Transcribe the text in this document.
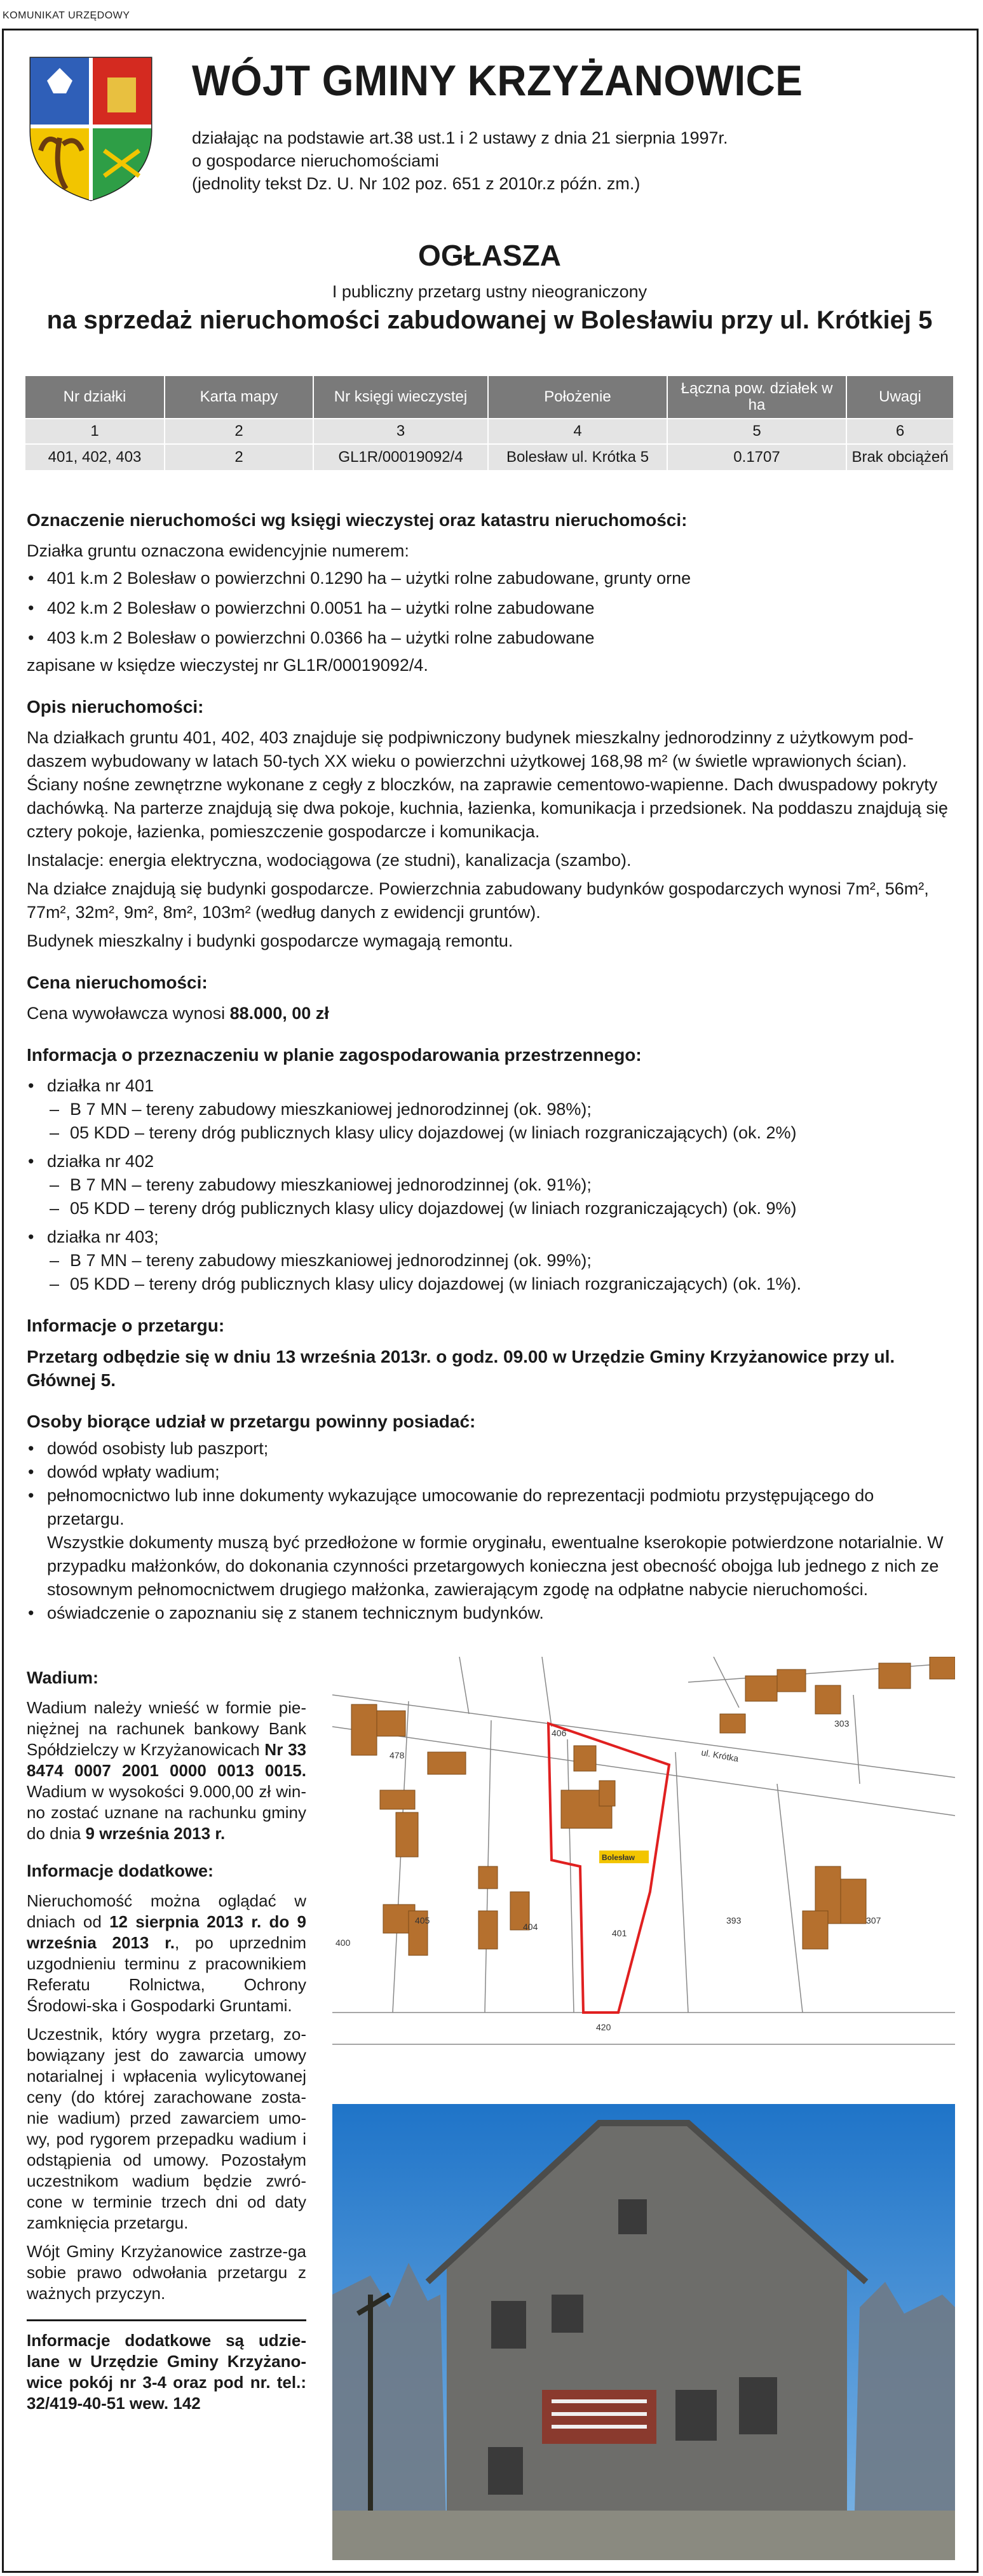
KOMUNIKAT URZĘDOWY
WÓJT GMINY KRZYŻANOWICE
działając na podstawie art.38 ust.1 i 2 ustawy z dnia 21 sierpnia 1997r.
o gospodarce nieruchomościami
(jednolity tekst Dz. U. Nr 102 poz. 651 z 2010r.z późn. zm.)
OGŁASZA
I publiczny przetarg ustny nieograniczony
na sprzedaż nieruchomości zabudowanej w Bolesławiu przy ul. Krótkiej 5
Nr działki	Karta mapy	Nr księgi wieczystej	Położenie	Łączna pow. działek w ha	Uwagi
1	2	3	4	5	6
401, 402, 403	2	GL1R/00019092/4	Bolesław ul. Krótka 5	0.1707	Brak obciążeń

Oznaczenie nieruchomości wg księgi wieczystej oraz katastru nieruchomości:

Działka gruntu oznaczona ewidencyjnie numerem:

• 401 k.m 2 Bolesław o powierzchni 0.1290 ha – użytki rolne zabudowane, grunty orne

• 402 k.m 2 Bolesław o powierzchni 0.0051 ha – użytki rolne zabudowane

• 403 k.m 2 Bolesław o powierzchni 0.0366 ha – użytki rolne zabudowane

zapisane w księdze wieczystej nr GL1R/00019092/4.

Opis nieruchomości:

Na działkach gruntu 401, 402, 403 znajduje się podpiwniczony budynek mieszkalny jednorodzinny z użytkowym pod-

daszem wybudowany w latach 50-tych XX wieku o powierzchni użytkowej 168,98 m² (w świetle wprawionych ścian).

Ściany nośne zewnętrzne wykonane z cegły z bloczków, na zaprawie cementowo-wapienne. Dach dwuspadowy pokryty

dachówką. Na parterze znajdują się dwa pokoje, kuchnia, łazienka, komunikacja i przedsionek. Na poddaszu znajdują się

cztery pokoje, łazienka, pomieszczenie gospodarcze i komunikacja.

Instalacje: energia elektryczna, wodociągowa (ze studni), kanalizacja (szambo).

Na działce znajdują się budynki gospodarcze. Powierzchnia zabudowany budynków gospodarczych wynosi 7m², 56m²,

77m², 32m², 9m², 8m², 103m² (według danych z ewidencji gruntów).

Budynek mieszkalny i budynki gospodarcze wymagają remontu.

Cena nieruchomości:

Cena wywoławcza wynosi 88.000, 00 zł

Informacja o przeznaczeniu w planie zagospodarowania przestrzennego:

• działka nr 401

– B 7 MN – tereny zabudowy mieszkaniowej jednorodzinnej (ok. 98%);

– 05 KDD – tereny dróg publicznych klasy ulicy dojazdowej (w liniach rozgraniczających) (ok. 2%)

• działka nr 402

– B 7 MN – tereny zabudowy mieszkaniowej jednorodzinnej (ok. 91%);

– 05 KDD – tereny dróg publicznych klasy ulicy dojazdowej (w liniach rozgraniczających) (ok. 9%)

• działka nr 403;

– B 7 MN – tereny zabudowy mieszkaniowej jednorodzinnej (ok. 99%);

– 05 KDD – tereny dróg publicznych klasy ulicy dojazdowej (w liniach rozgraniczających) (ok. 1%).

Informacje o przetargu:

Przetarg odbędzie się w dniu 13 września 2013r. o godz. 09.00 w Urzędzie Gminy Krzyżanowice przy ul. Głównej 5.

Osoby biorące udział w przetargu powinny posiadać:

• dowód osobisty lub paszport;

• dowód wpłaty wadium;

• pełnomocnictwo lub inne dokumenty wykazujące umocowanie do reprezentacji podmiotu przystępującego do przetargu.

Wszystkie dokumenty muszą być przedłożone w formie oryginału, ewentualne kserokopie potwierdzone notarialnie. W

przypadku małżonków, do dokonania czynności przetargowych konieczna jest obecność obojga lub jednego z nich ze

stosownym pełnomocnictwem drugiego małżonka, zawierającym zgodę na odpłatne nabycie nieruchomości.

• oświadczenie o zapoznaniu się z stanem technicznym budynków.

Wadium:

Wadium należy wnieść w formie pie-niężnej na rachunek bankowy Bank Spółdzielczy w Krzyżanowicach Nr 33 8474 0007 2001 0000 0013 0015. Wadium w wysokości 9.000,00 zł win-no zostać uznane na rachunku gminy do dnia 9 września 2013 r.

Informacje dodatkowe:

Nieruchomość można oglądać w dniach od 12 sierpnia 2013 r. do 9 września 2013 r., po uprzednim uzgodnieniu terminu z pracownikiem Referatu Rolnictwa, Ochrony Środowi-ska i Gospodarki Gruntami.

Uczestnik, który wygra przetarg, zo-bowiązany jest do zawarcia umowy notarialnej i wpłacenia wylicytowanej ceny (do której zarachowane zosta-nie wadium) przed zawarciem umo-wy, pod rygorem przepadku wadium i odstąpienia od umowy. Pozostałym uczestnikom wadium będzie zwró-cone w terminie trzech dni od daty zamknięcia przetargu.

Wójt Gminy Krzyżanowice zastrze-ga sobie prawo odwołania przetargu z ważnych przyczyn.

Informacje dodatkowe są udzie-lane w Urzędzie Gminy Krzyżano-wice pokój nr 3-4 oraz pod nr. tel.: 32/419-40-51 wew. 142

Bolesław
400
401
393
404
405
478
303
307
420
406
ul. Krótka
